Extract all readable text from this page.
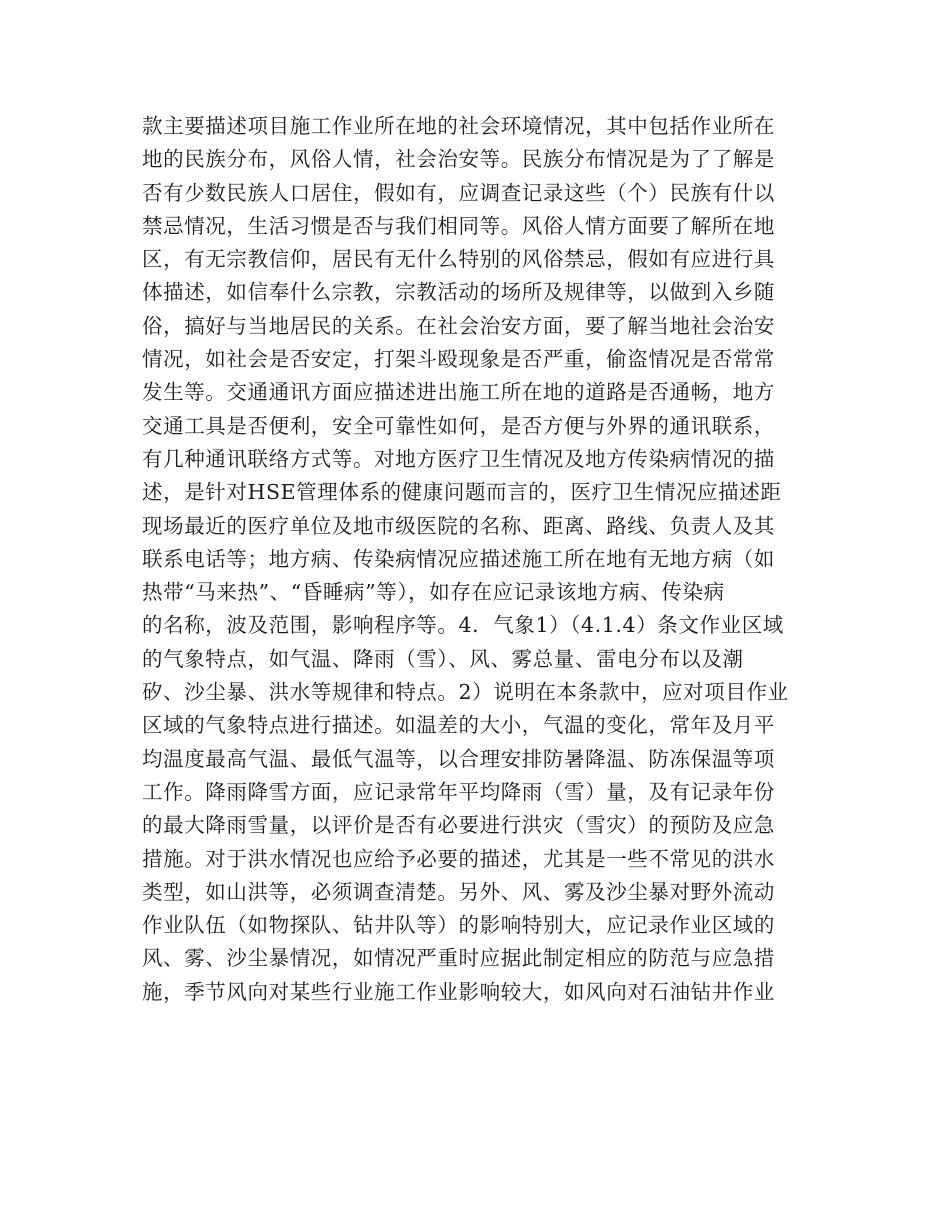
款主要描述项目施工作业所在地的社会环境情况，其中包括作业所在
地的民族分布，风俗人情，社会治安等。民族分布情况是为了了解是
否有少数民族人口居住，假如有，应调查记录这些（个）民族有什以
禁忌情况，生活习惯是否与我们相同等。风俗人情方面要了解所在地
区，有无宗教信仰，居民有无什么特别的风俗禁忌，假如有应进行具
体描述，如信奉什么宗教，宗教活动的场所及规律等，以做到入乡随
俗，搞好与当地居民的关系。在社会治安方面，要了解当地社会治安
情况，如社会是否安定，打架斗殴现象是否严重，偷盗情况是否常常
发生等。交通通讯方面应描述进出施工所在地的道路是否通畅，地方
交通工具是否便利，安全可靠性如何，是否方便与外界的通讯联系，
有几种通讯联络方式等。对地方医疗卫生情况及地方传染病情况的描
述，是针对HSE管理体系的健康问题而言的，医疗卫生情况应描述距
现场最近的医疗单位及地市级医院的名称、距离、路线、负责人及其
联系电话等；地方病、传染病情况应描述施工所在地有无地方病（如
热带“马来热”、“昏睡病”等），如存在应记录该地方病、传染病
的名称，波及范围，影响程序等。4．气象1）（4.1.4）条文作业区域
的气象特点，如气温、降雨（雪）、风、雾总量、雷电分布以及潮
矽、沙尘暴、洪水等规律和特点。2）说明在本条款中，应对项目作业
区域的气象特点进行描述。如温差的大小，气温的变化，常年及月平
均温度最高气温、最低气温等，以合理安排防暑降温、防冻保温等项
工作。降雨降雪方面，应记录常年平均降雨（雪）量，及有记录年份
的最大降雨雪量，以评价是否有必要进行洪灾（雪灾）的预防及应急
措施。对于洪水情况也应给予必要的描述，尤其是一些不常见的洪水
类型，如山洪等，必须调查清楚。另外、风、雾及沙尘暴对野外流动
作业队伍（如物探队、钻井队等）的影响特别大，应记录作业区域的
风、雾、沙尘暴情况，如情况严重时应据此制定相应的防范与应急措
施，季节风向对某些行业施工作业影响较大，如风向对石油钻井作业
